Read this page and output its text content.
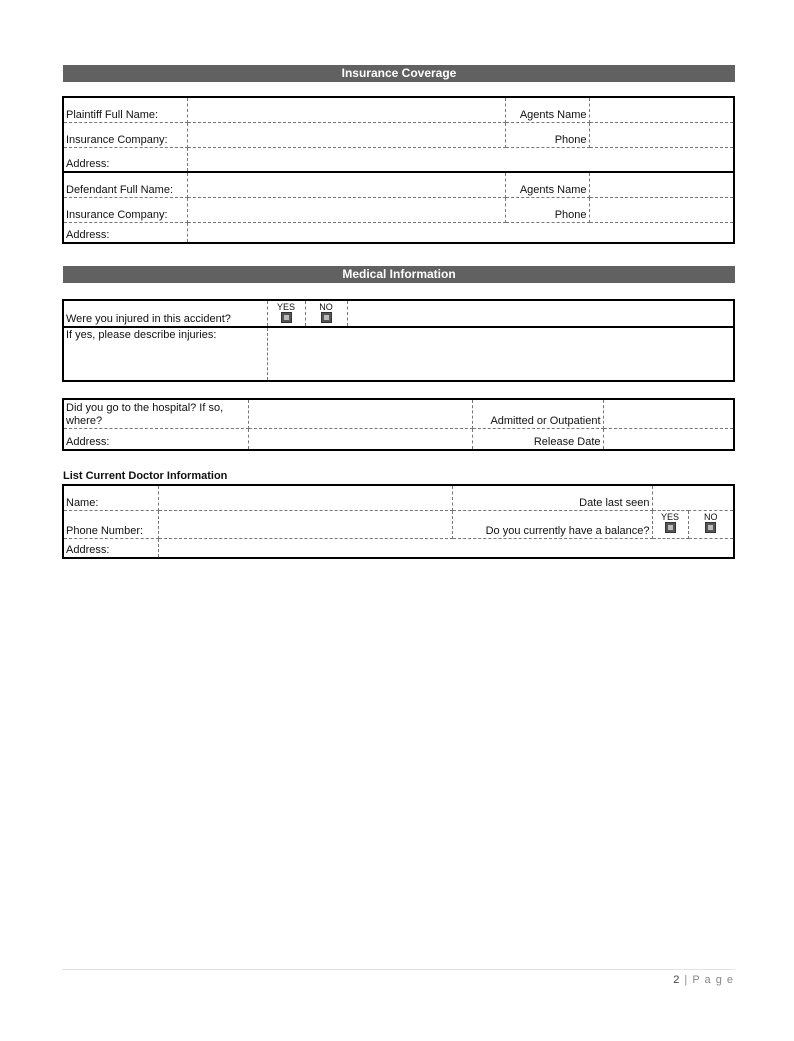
Insurance Coverage
Plaintiff Full Name:		Agents Name	
Insurance Company:		Phone	
Address:			
Defendant Full Name:		Agents Name	
Insurance Company:		Phone	
Address:			
Medical Information
Were you injured in this accident?	YES	NO	

If yes, please describe injuries:			
Did you go to the hospital? If so, where?		Admitted or Outpatient	
Address:		Release Date	
List Current Doctor Information
Name:		Date last seen		
Phone Number:		Do you currently have a balance?	YES	NO

Address:				
2 | P a g e
